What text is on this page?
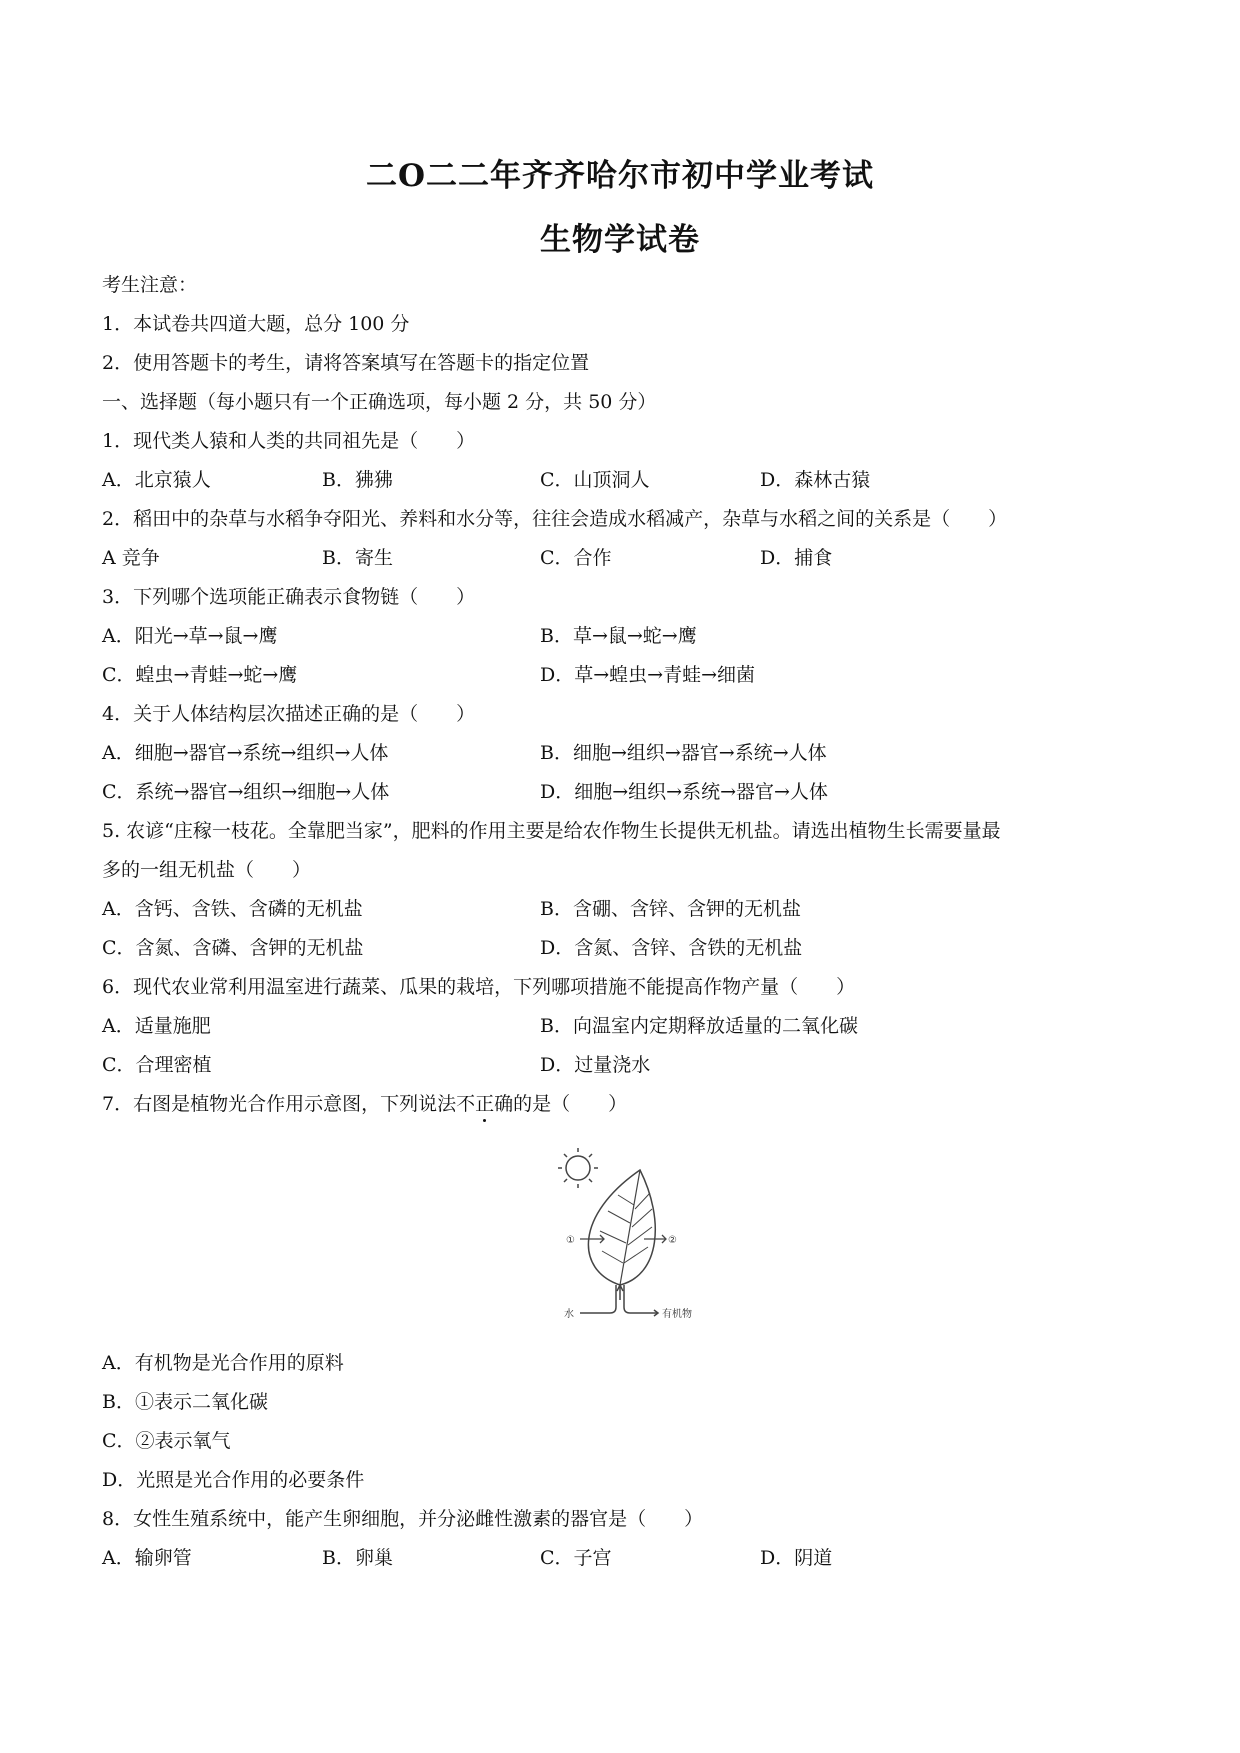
二O二二年齐齐哈尔市初中学业考试
生物学试卷
考生注意：
1．本试卷共四道大题，总分 100 分
2．使用答题卡的考生，请将答案填写在答题卡的指定位置
一、选择题（每小题只有一个正确选项，每小题 2 分，共 50 分）
1．现代类人猿和人类的共同祖先是（　　）
A．北京猿人	B．狒狒	C．山顶洞人	D．森林古猿
2．稻田中的杂草与水稻争夺阳光、养料和水分等，往往会造成水稻减产，杂草与水稻之间的关系是（　　）
A 竞争	B．寄生	C．合作	D．捕食
3．下列哪个选项能正确表示食物链（　　）
A．阳光→草→鼠→鹰	B．草→鼠→蛇→鹰
C．蝗虫→青蛙→蛇→鹰	D．草→蝗虫→青蛙→细菌
4．关于人体结构层次描述正确的是（　　）
A．细胞→器官→系统→组织→人体	B．细胞→组织→器官→系统→人体
C．系统→器官→组织→细胞→人体	D．细胞→组织→系统→器官→人体
5. 农谚“庄稼一枝花。全靠肥当家”，肥料的作用主要是给农作物生长提供无机盐。请选出植物生长需要量最
多的一组无机盐（　　）
A．含钙、含铁、含磷的无机盐	B．含硼、含锌、含钾的无机盐
C．含氮、含磷、含钾的无机盐	D．含氮、含锌、含铁的无机盐
6．现代农业常利用温室进行蔬菜、瓜果的栽培，下列哪项措施不能提高作物产量（　　）
A．适量施肥	B．向温室内定期释放适量的二氧化碳
C．合理密植	D．过量浇水
7．右图是植物光合作用示意图，下列说法不正确的是（　　）
①	②
水	有机物
A．有机物是光合作用的原料
B．①表示二氧化碳
C．②表示氧气
D．光照是光合作用的必要条件
8．女性生殖系统中，能产生卵细胞，并分泌雌性激素的器官是（　　）
A．输卵管	B．卵巢	C．子宫	D．阴道
